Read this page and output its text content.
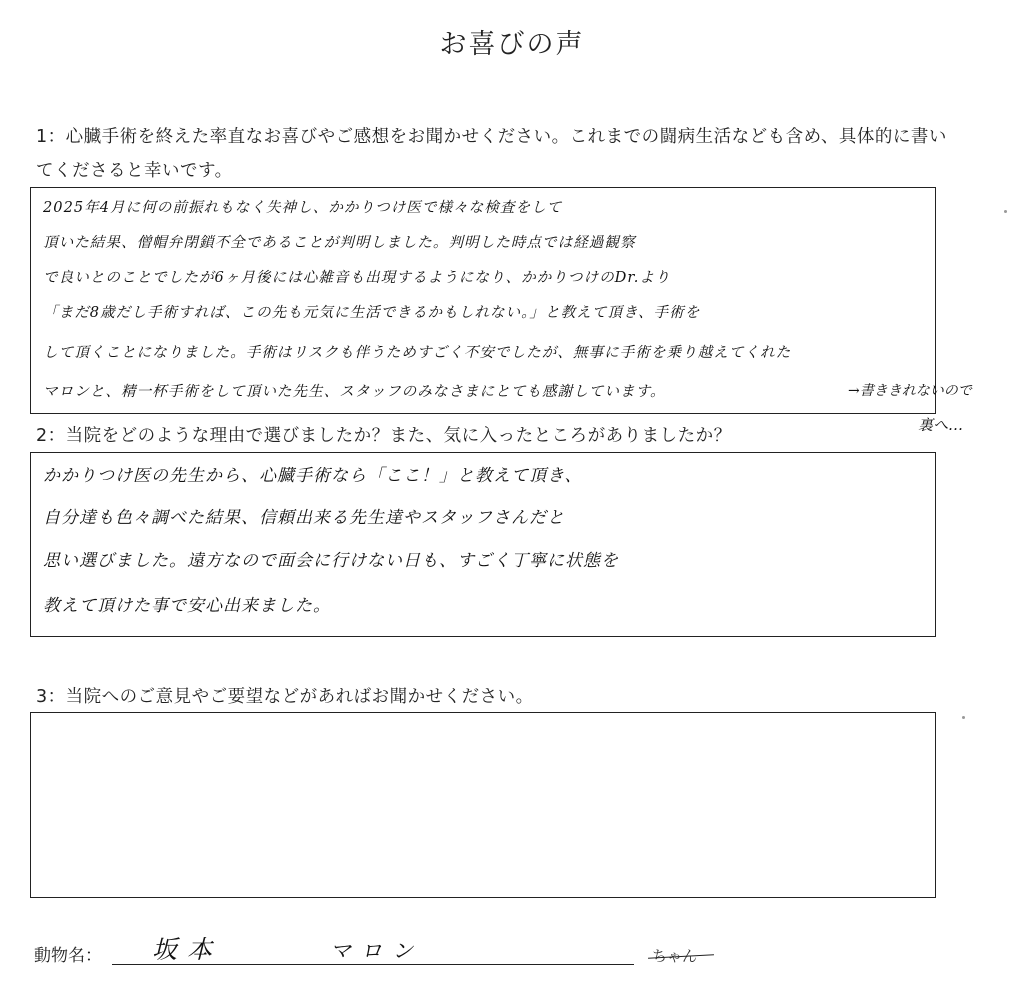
お喜びの声
1：心臓手術を終えた率直なお喜びやご感想をお聞かせください。これまでの闘病生活なども含め、具体的に書いてくださると幸いです。
2025年4月に何の前振れもなく失神し、かかりつけ医で様々な検査をして
頂いた結果、僧帽弁閉鎖不全であることが判明しました。判明した時点では経過観察
で良いとのことでしたが6ヶ月後には心雑音も出現するようになり、かかりつけのDr.より
「まだ8歳だし手術すれば、この先も元気に生活できるかもしれない。」と教えて頂き、手術を
して頂くことになりました。手術はリスクも伴うためすごく不安でしたが、無事に手術を乗り越えてくれた
マロンと、精一杯手術をして頂いた先生、スタッフのみなさまにとても感謝しています。	→書ききれないので
裏へ…
2：当院をどのような理由で選びましたか？また、気に入ったところがありましたか？
かかりつけ医の先生から、心臓手術なら「ここ！」と教えて頂き、
自分達も色々調べた結果、信頼出来る先生達やスタッフさんだと
思い選びました。遠方なので面会に行けない日も、すごく丁寧に状態を
教えて頂けた事で安心出来ました。
3：当院へのご意見やご要望などがあればお聞かせください。
動物名： 坂本	マロン	ちゃん
